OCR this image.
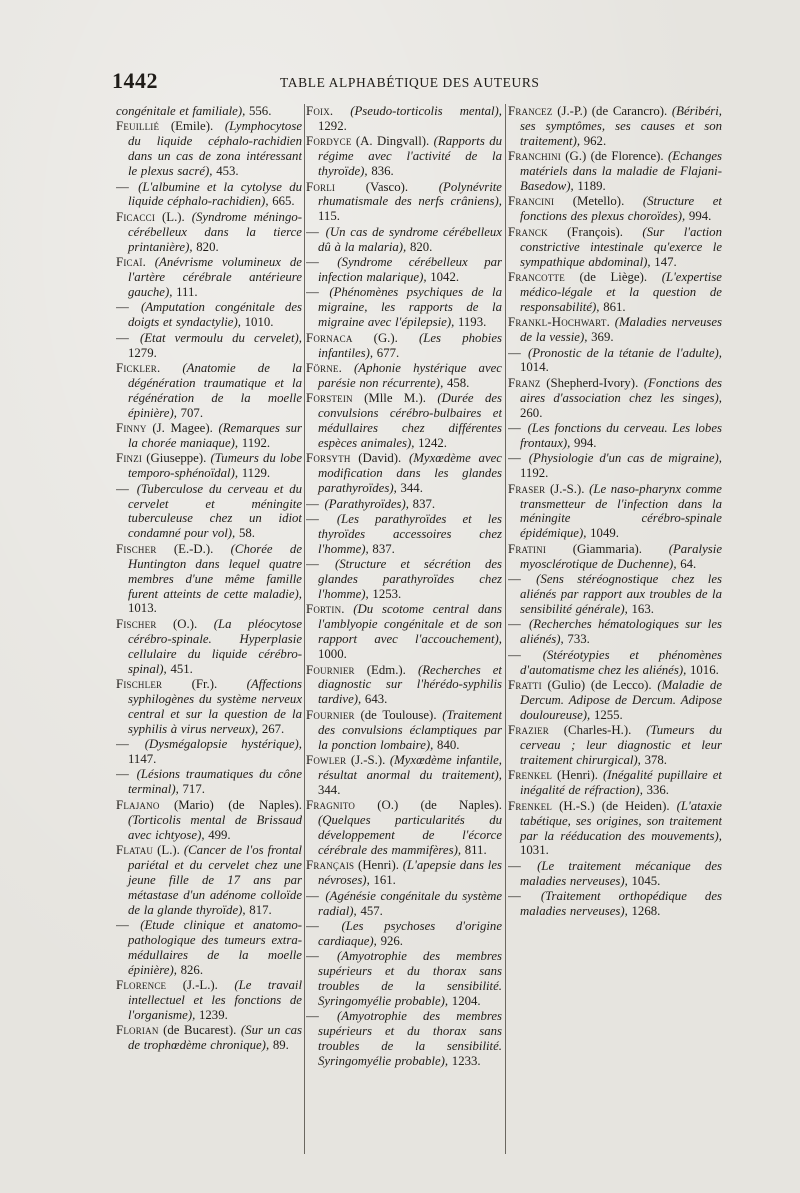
1442	TABLE ALPHABÉTIQUE DES AUTEURS

congénitale et familiale), 556.

Feuillié (Emile). (Lymphocytose du liquide céphalo-rachidien dans un cas de zona intéressant le plexus sacré), 453.

— (L'albumine et la cytolyse du liquide céphalo-rachidien), 665.

Ficacci (L.). (Syndrome méningo-cérébelleux dans la tierce printanière), 820.

Ficaï. (Anévrisme volumineux de l'artère cérébrale antérieure gauche), 111.

— (Amputation congénitale des doigts et syndactylie), 1010.

— (Etat vermoulu du cervelet), 1279.

Fickler. (Anatomie de la dégénération traumatique et la régénération de la moelle épinière), 707.

Finny (J. Magee). (Remarques sur la chorée maniaque), 1192.

Finzi (Giuseppe). (Tumeurs du lobe temporo-sphénoïdal), 1129.

— (Tuberculose du cerveau et du cervelet et méningite tuberculeuse chez un idiot condamné pour vol), 58.

Fischer (E.-D.). (Chorée de Huntington dans lequel quatre membres d'une même famille furent atteints de cette maladie), 1013.

Fischer (O.). (La pléocytose cérébro-spinale. Hyperplasie cellulaire du liquide cérébro-spinal), 451.

Fischler (Fr.). (Affections syphilogènes du système nerveux central et sur la question de la syphilis à virus nerveux), 267.

— (Dysmégalopsie hystérique), 1147.

— (Lésions traumatiques du cône terminal), 717.

Flajano (Mario) (de Naples). (Torticolis mental de Brissaud avec ichtyose), 499.

Flatau (L.). (Cancer de l'os frontal pariétal et du cervelet chez une jeune fille de 17 ans par métastase d'un adénome colloïde de la glande thyroïde), 817.

— (Etude clinique et anatomo-pathologique des tumeurs extra-médullaires de la moelle épinière), 826.

Florence (J.-L.). (Le travail intellectuel et les fonctions de l'organisme), 1239.

Florian (de Bucarest). (Sur un cas de trophœdème chronique), 89.

Foix. (Pseudo-torticolis mental), 1292.

Fordyce (A. Dingvall). (Rapports du régime avec l'activité de la thyroïde), 836.

Forli (Vasco). (Polynévrite rhumatismale des nerfs crâniens), 115.

— (Un cas de syndrome cérébelleux dû à la malaria), 820.

— (Syndrome cérébelleux par infection malarique), 1042.

— (Phénomènes psychiques de la migraine, les rapports de la migraine avec l'épilepsie), 1193.

Fornaca (G.). (Les phobies infantiles), 677.

Förne. (Aphonie hystérique avec parésie non récurrente), 458.

Forstein (Mlle M.). (Durée des convulsions cérébro-bulbaires et médullaires chez différentes espèces animales), 1242.

Forsyth (David). (Myxœdème avec modification dans les glandes parathyroïdes), 344.

— (Parathyroïdes), 837.

— (Les parathyroïdes et les thyroïdes accessoires chez l'homme), 837.

— (Structure et sécrétion des glandes parathyroïdes chez l'homme), 1253.

Fortin. (Du scotome central dans l'amblyopie congénitale et de son rapport avec l'accouchement), 1000.

Fournier (Edm.). (Recherches et diagnostic sur l'hérédo-syphilis tardive), 643.

Fournier (de Toulouse). (Traitement des convulsions éclamptiques par la ponction lombaire), 840.

Fowler (J.-S.). (Myxœdème infantile, résultat anormal du traitement), 344.

Fragnito (O.) (de Naples). (Quelques particularités du développement de l'écorce cérébrale des mammifères), 811.

Français (Henri). (L'apepsie dans les névroses), 161.

— (Agénésie congénitale du système radial), 457.

— (Les psychoses d'origine cardiaque), 926.

— (Amyotrophie des membres supérieurs et du thorax sans troubles de la sensibilité. Syringomyélie probable), 1204.

— (Amyotrophie des membres supérieurs et du thorax sans troubles de la sensibilité. Syringomyélie probable), 1233.

Francez (J.-P.) (de Carancro). (Béribéri, ses symptômes, ses causes et son traitement), 962.

Franchini (G.) (de Florence). (Echanges matériels dans la maladie de Flajani-Basedow), 1189.

Francini (Metello). (Structure et fonctions des plexus choroïdes), 994.

Franck (François). (Sur l'action constrictive intestinale qu'exerce le sympathique abdominal), 147.

Francotte (de Liège). (L'expertise médico-légale et la question de responsabilité), 861.

Frankl-Hochwart. (Maladies nerveuses de la vessie), 369.

— (Pronostic de la tétanie de l'adulte), 1014.

Franz (Shepherd-Ivory). (Fonctions des aires d'association chez les singes), 260.

— (Les fonctions du cerveau. Les lobes frontaux), 994.

— (Physiologie d'un cas de migraine), 1192.

Fraser (J.-S.). (Le naso-pharynx comme transmetteur de l'infection dans la méningite cérébro-spinale épidémique), 1049.

Fratini (Giammaria). (Paralysie myosclérotique de Duchenne), 64.

— (Sens stéréognostique chez les aliénés par rapport aux troubles de la sensibilité générale), 163.

— (Recherches hématologiques sur les aliénés), 733.

— (Stéréotypies et phénomènes d'automatisme chez les aliénés), 1016.

Fratti (Gulio) (de Lecco). (Maladie de Dercum. Adipose de Dercum. Adipose douloureuse), 1255.

Frazier (Charles-H.). (Tumeurs du cerveau ; leur diagnostic et leur traitement chirurgical), 378.

Frenkel (Henri). (Inégalité pupillaire et inégalité de réfraction), 336.

Frenkel (H.-S.) (de Heiden). (L'ataxie tabétique, ses origines, son traitement par la rééducation des mouvements), 1031.

— (Le traitement mécanique des maladies nerveuses), 1045.

— (Traitement orthopédique des maladies nerveuses), 1268.
